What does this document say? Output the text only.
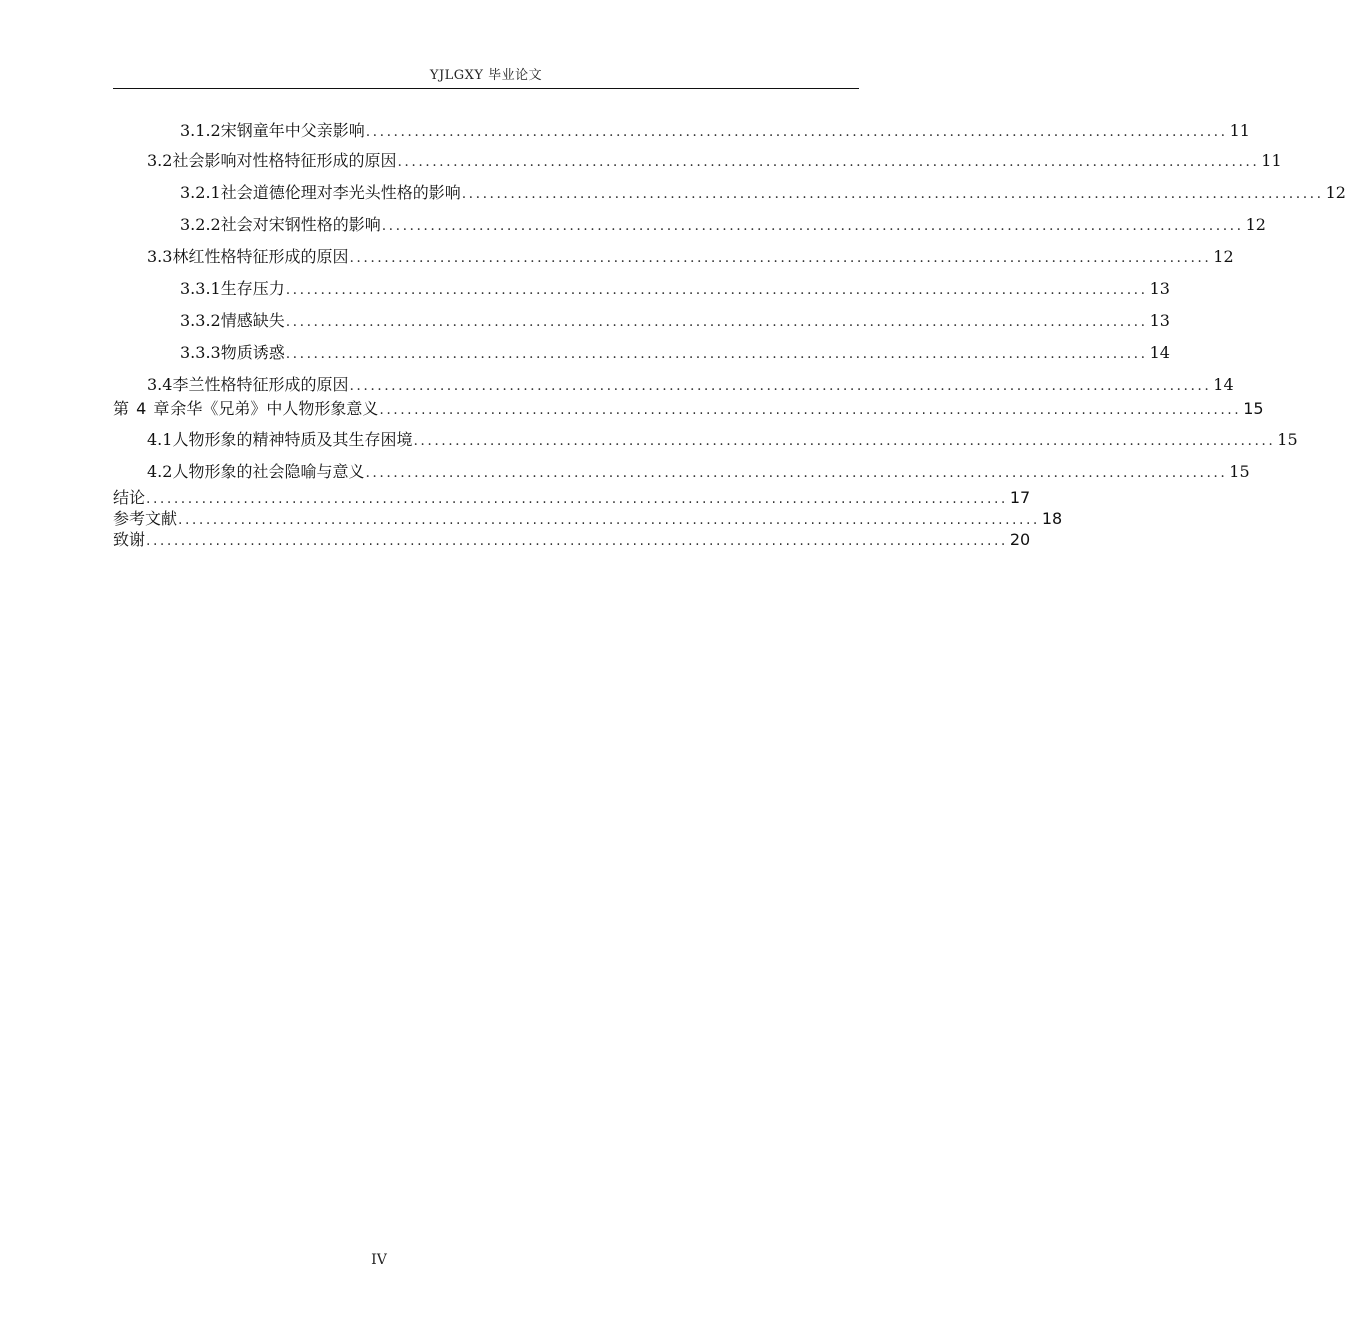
YJLGXY 毕业论文
3.1.2 宋钢童年中父亲影响 ............................................................................................................................ 11
3.2 社会影响对性格特征形成的原因 ............................................................................................................................ 11
3.2.1 社会道德伦理对李光头性格的影响 ............................................................................................................................ 12
3.2.2 社会对宋钢性格的影响 ............................................................................................................................ 12
3.3 林红性格特征形成的原因 ............................................................................................................................ 12
3.3.1 生存压力 ............................................................................................................................ 13
3.3.2 情感缺失 ............................................................................................................................ 13
3.3.3 物质诱惑 ............................................................................................................................ 14
3.4 李兰性格特征形成的原因 ............................................................................................................................ 14
第 4 章 余华《兄弟》中人物形象意义 ............................................................................................................................ 15
4.1 人物形象的精神特质及其生存困境 ............................................................................................................................ 15
4.2 人物形象的社会隐喻与意义 ............................................................................................................................ 15
结 论 ............................................................................................................................ 17
参考文献 ............................................................................................................................ 18
致 谢 ............................................................................................................................ 20
IV
